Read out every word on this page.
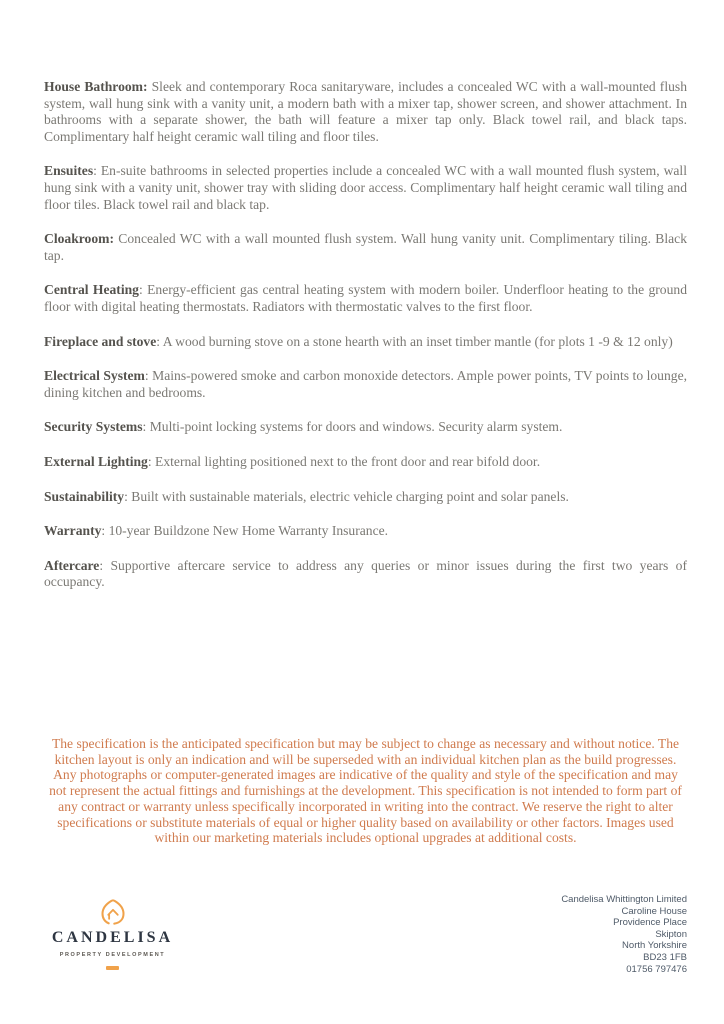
House Bathroom: Sleek and contemporary Roca sanitaryware, includes a concealed WC with a wall-mounted flush system, wall hung sink with a vanity unit, a modern bath with a mixer tap, shower screen, and shower attachment. In bathrooms with a separate shower, the bath will feature a mixer tap only. Black towel rail, and black taps. Complimentary half height ceramic wall tiling and floor tiles.

Ensuites: En-suite bathrooms in selected properties include a concealed WC with a wall mounted flush system, wall hung sink with a vanity unit, shower tray with sliding door access. Complimentary half height ceramic wall tiling and floor tiles. Black towel rail and black tap.

Cloakroom: Concealed WC with a wall mounted flush system. Wall hung vanity unit. Complimentary tiling. Black tap.

Central Heating: Energy-efficient gas central heating system with modern boiler. Underfloor heating to the ground floor with digital heating thermostats. Radiators with thermostatic valves to the first floor.

Fireplace and stove: A wood burning stove on a stone hearth with an inset timber mantle (for plots 1 -9 & 12 only)

Electrical System: Mains-powered smoke and carbon monoxide detectors. Ample power points, TV points to lounge, dining kitchen and bedrooms.

Security Systems: Multi-point locking systems for doors and windows. Security alarm system.

External Lighting: External lighting positioned next to the front door and rear bifold door.

Sustainability: Built with sustainable materials, electric vehicle charging point and solar panels.

Warranty: 10-year Buildzone New Home Warranty Insurance.

Aftercare: Supportive aftercare service to address any queries or minor issues during the first two years of occupancy.

The specification is the anticipated specification but may be subject to change as necessary and without notice. The kitchen layout is only an indication and will be superseded with an individual kitchen plan as the build progresses. Any photographs or computer-generated images are indicative of the quality and style of the specification and may not represent the actual fittings and furnishings at the development. This specification is not intended to form part of any contract or warranty unless specifically incorporated in writing into the contract. We reserve the right to alter specifications or substitute materials of equal or higher quality based on availability or other factors. Images used within our marketing materials includes optional upgrades at additional costs.
CANDELISA
PROPERTY DEVELOPMENT
Candelisa Whittington Limited
Caroline House
Providence Place
Skipton
North Yorkshire
BD23 1FB
01756 797476
